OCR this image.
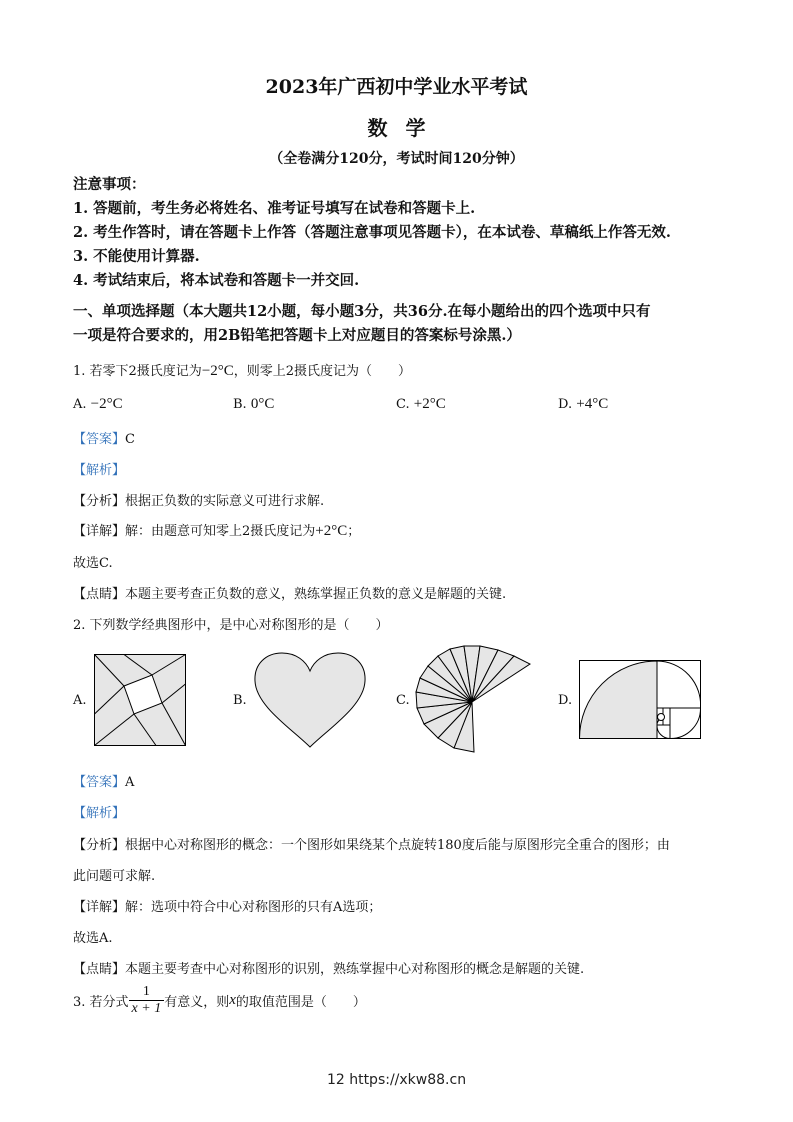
2023年广西初中学业水平考试
数学
（全卷满分120分，考试时间120分钟）
注意事项：
1. 答题前，考生务必将姓名、准考证号填写在试卷和答题卡上.
2. 考生作答时，请在答题卡上作答（答题注意事项见答题卡），在本试卷、草稿纸上作答无效.
3. 不能使用计算器.
4. 考试结束后，将本试卷和答题卡一并交回.
一、单项选择题（本大题共12小题，每小题3分，共36分.在每小题给出的四个选项中只有
一项是符合要求的，用2B铅笔把答题卡上对应题目的答案标号涂黑.）
1. 若零下2摄氏度记为−2°C，则零上2摄氏度记为（　　）
A. −2°C	B. 0°C	C. +2°C	D. +4°C
【答案】C
【解析】
【分析】根据正负数的实际意义可进行求解.
【详解】解：由题意可知零上2摄氏度记为+2°C；
故选C.
【点睛】本题主要考查正负数的意义，熟练掌握正负数的意义是解题的关键.
2. 下列数学经典图形中，是中心对称图形的是（　　）
A.	B.	C.	D.
【答案】A
【解析】
【分析】根据中心对称图形的概念：一个图形如果绕某个点旋转180度后能与原图形完全重合的图形；由
此问题可求解.
【详解】解：选项中符合中心对称图形的只有A选项；
故选A.
【点睛】本题主要考查中心对称图形的识别，熟练掌握中心对称图形的概念是解题的关键.
3. 若分式 $\frac{1}{x + 1}$ 有意义，则x的取值范围是（　　）
12 https://xkw88.cn
